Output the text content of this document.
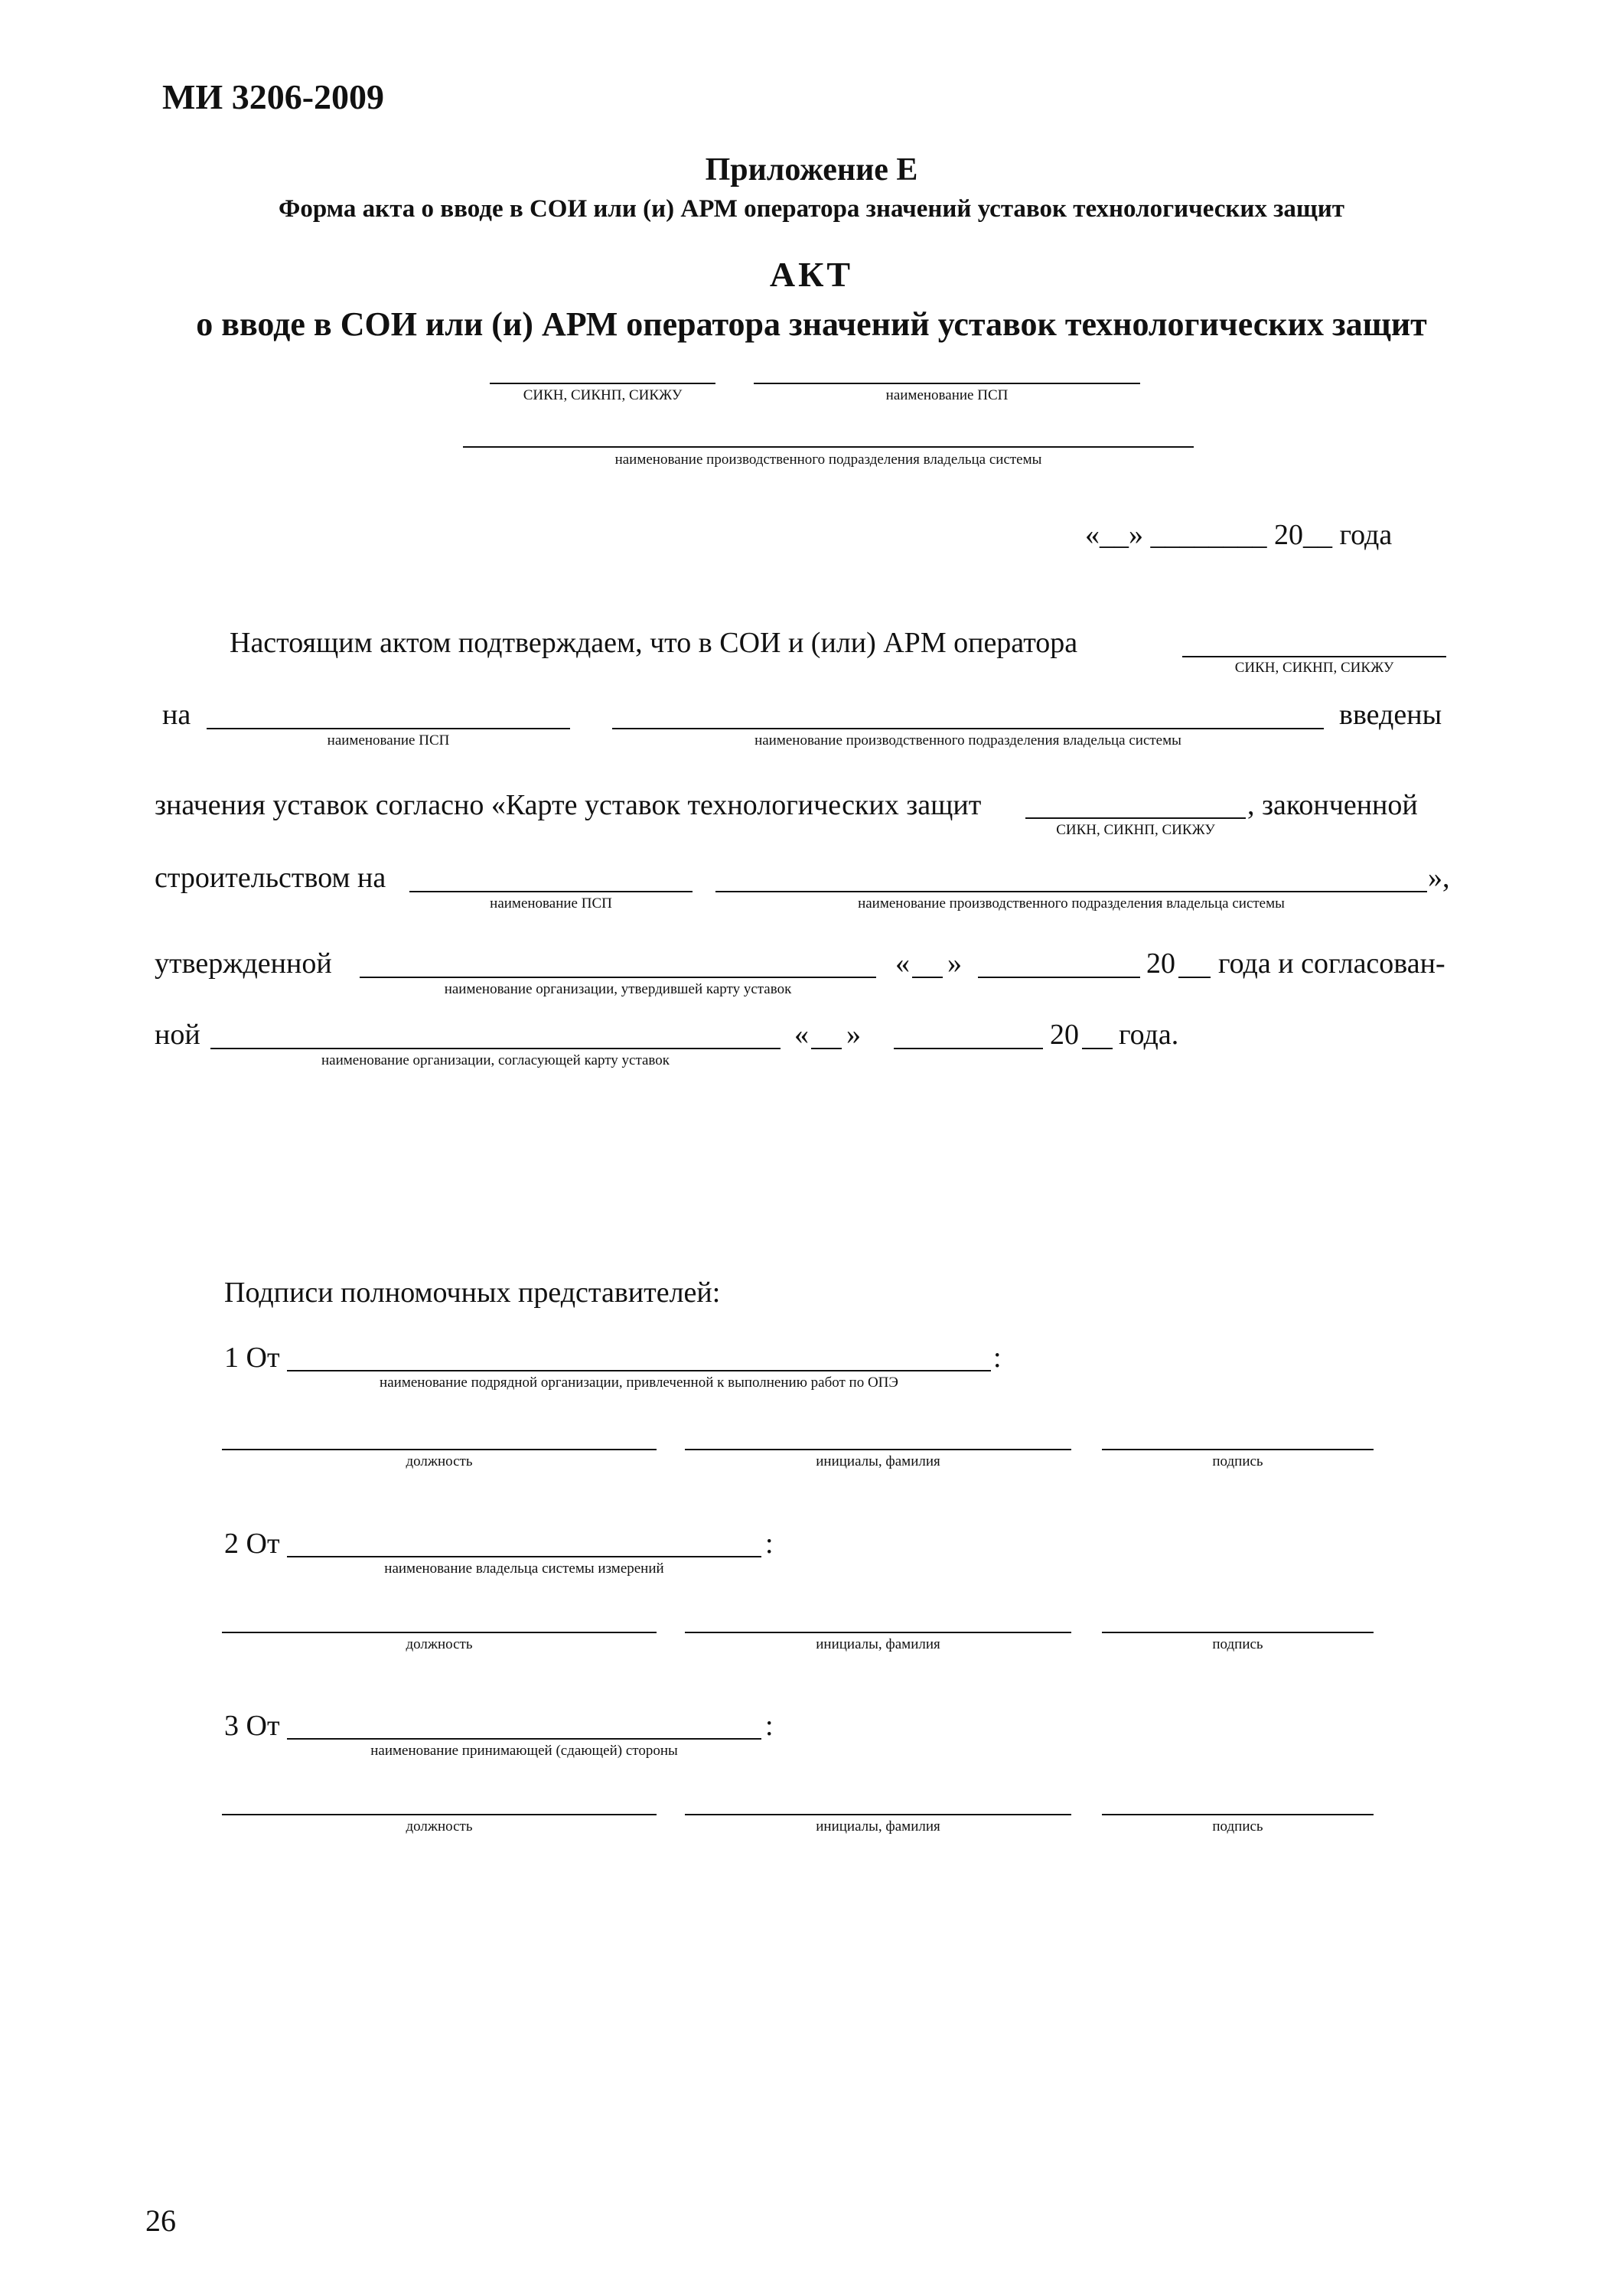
МИ 3206-2009
Приложение Е
Форма акта о вводе в СОИ или (и) АРМ оператора значений уставок технологических защит
АКТ
о вводе в СОИ или (и) АРМ оператора значений уставок технологических защит
СИКН, СИКНП, СИКЖУ	наименование ПСП
наименование производственного подразделения владельца системы
«__» ________ 20__ года
Настоящим актом подтверждаем, что в СОИ и (или) АРМ оператора
СИКН, СИКНП, СИКЖУ
на
наименование ПСП	наименование производственного подразделения владельца системы
введены
значения уставок согласно «Карте уставок технологических защит
СИКН, СИКНП, СИКЖУ
, законченной
строительством на
наименование ПСП	наименование производственного подразделения владельца системы
»,
утвержденной
наименование организации, утвердившей карту уставок
« »	20 года и согласован-
ной
наименование организации, согласующей карту уставок
« »	20 года.
Подписи полномочных представителей:
1 От	:
наименование подрядной организации, привлеченной к выполнению работ по ОПЭ
должность	инициалы, фамилия	подпись
2 От	:
наименование владельца системы измерений
должность	инициалы, фамилия	подпись
3 От	:
наименование принимающей (сдающей) стороны
должность	инициалы, фамилия	подпись
26
